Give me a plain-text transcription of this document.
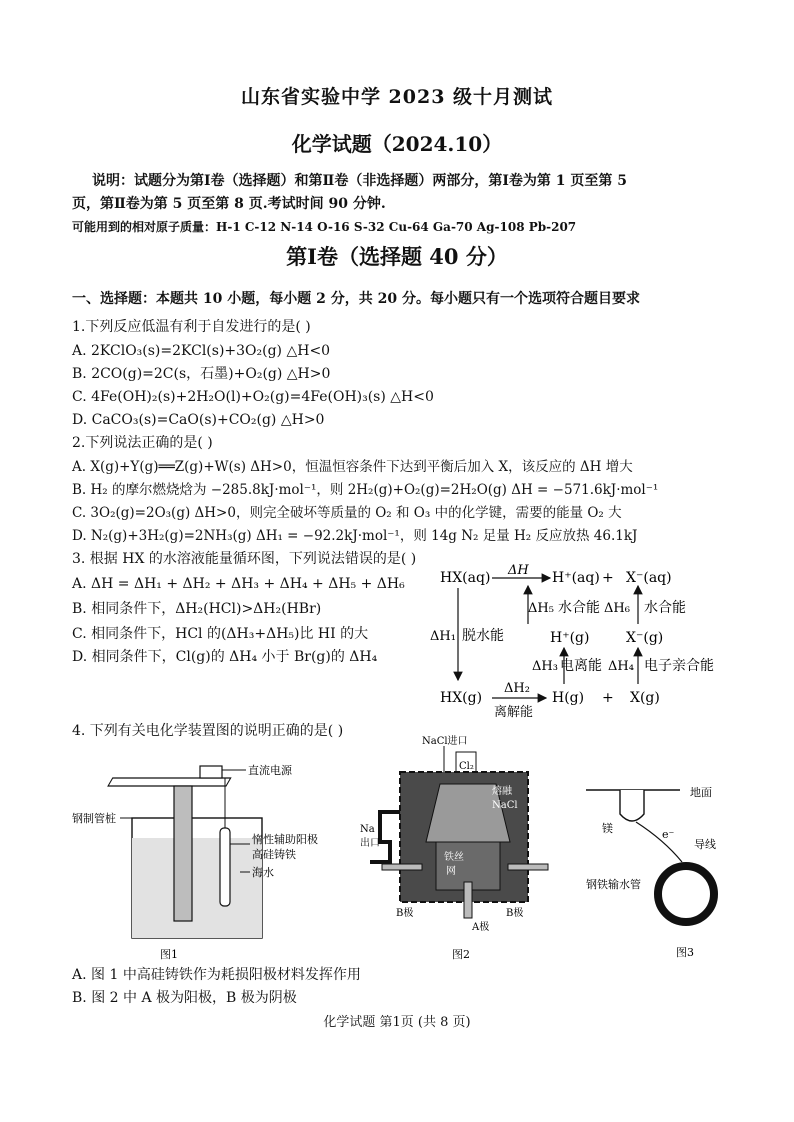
山东省实验中学 2023 级十月测试
化学试题（2024.10）
说明：试题分为第Ⅰ卷（选择题）和第Ⅱ卷（非选择题）两部分，第Ⅰ卷为第 1 页至第 5
页，第Ⅱ卷为第 5 页至第 8 页.考试时间 90 分钟.
可能用到的相对原子质量：H-1 C-12 N-14 O-16 S-32 Cu-64 Ga-70 Ag-108 Pb-207
第Ⅰ卷（选择题 40 分）
一、选择题：本题共 10 小题，每小题 2 分，共 20 分。每小题只有一个选项符合题目要求
1.下列反应低温有利于自发进行的是( )
A. 2KClO₃(s)=2KCl(s)+3O₂(g) △H<0
B. 2CO(g)=2C(s，石墨)+O₂(g) △H>0
C. 4Fe(OH)₂(s)+2H₂O(l)+O₂(g)=4Fe(OH)₃(s) △H<0
D. CaCO₃(s)=CaO(s)+CO₂(g) △H>0
2.下列说法正确的是( )
A. X(g)+Y(g)══Z(g)+W(s) ΔH>0，恒温恒容条件下达到平衡后加入 X，该反应的 ΔH 增大
B. H₂ 的摩尔燃烧焓为 −285.8kJ·mol⁻¹，则 2H₂(g)+O₂(g)=2H₂O(g) ΔH = −571.6kJ·mol⁻¹
C. 3O₂(g)=2O₃(g) ΔH>0，则完全破坏等质量的 O₂ 和 O₃ 中的化学键，需要的能量 O₂ 大
D. N₂(g)+3H₂(g)=2NH₃(g) ΔH₁ = −92.2kJ·mol⁻¹，则 14g N₂ 足量 H₂ 反应放热 46.1kJ
3. 根据 HX 的水溶液能量循环图，下列说法错误的是( )
A. ΔH = ΔH₁ + ΔH₂ + ΔH₃ + ΔH₄ + ΔH₅ + ΔH₆
B. 相同条件下，ΔH₂(HCl)>ΔH₂(HBr)
C. 相同条件下，HCl 的(ΔH₃+ΔH₅)比 HI 的大
D. 相同条件下，Cl(g)的 ΔH₄ 小于 Br(g)的 ΔH₄
HX(aq) ΔH H⁺(aq) + X⁻(aq)
ΔH₅ 水合能 ΔH₆ 水合能
ΔH₁ 脱水能	H⁺(g)	X⁻(g)
ΔH₃ 电离能 ΔH₄ 电子亲合能
HX(g)
ΔH₂
离解能
H(g) + X(g)
4. 下列有关电化学装置图的说明正确的是( )
直流电源
钢制管桩
惰性辅助阳极
高硅铸铁
海水
图1
NaCl进口
Cl₂
熔融
NaCl
Na
出口
铁丝
网
B极	B极
A极
图2
地面
镁	e⁻
导线
钢铁输水管
图3
A. 图 1 中高硅铸铁作为耗损阳极材料发挥作用
B. 图 2 中 A 极为阳极，B 极为阴极
化学试题 第1页 (共 8 页)
